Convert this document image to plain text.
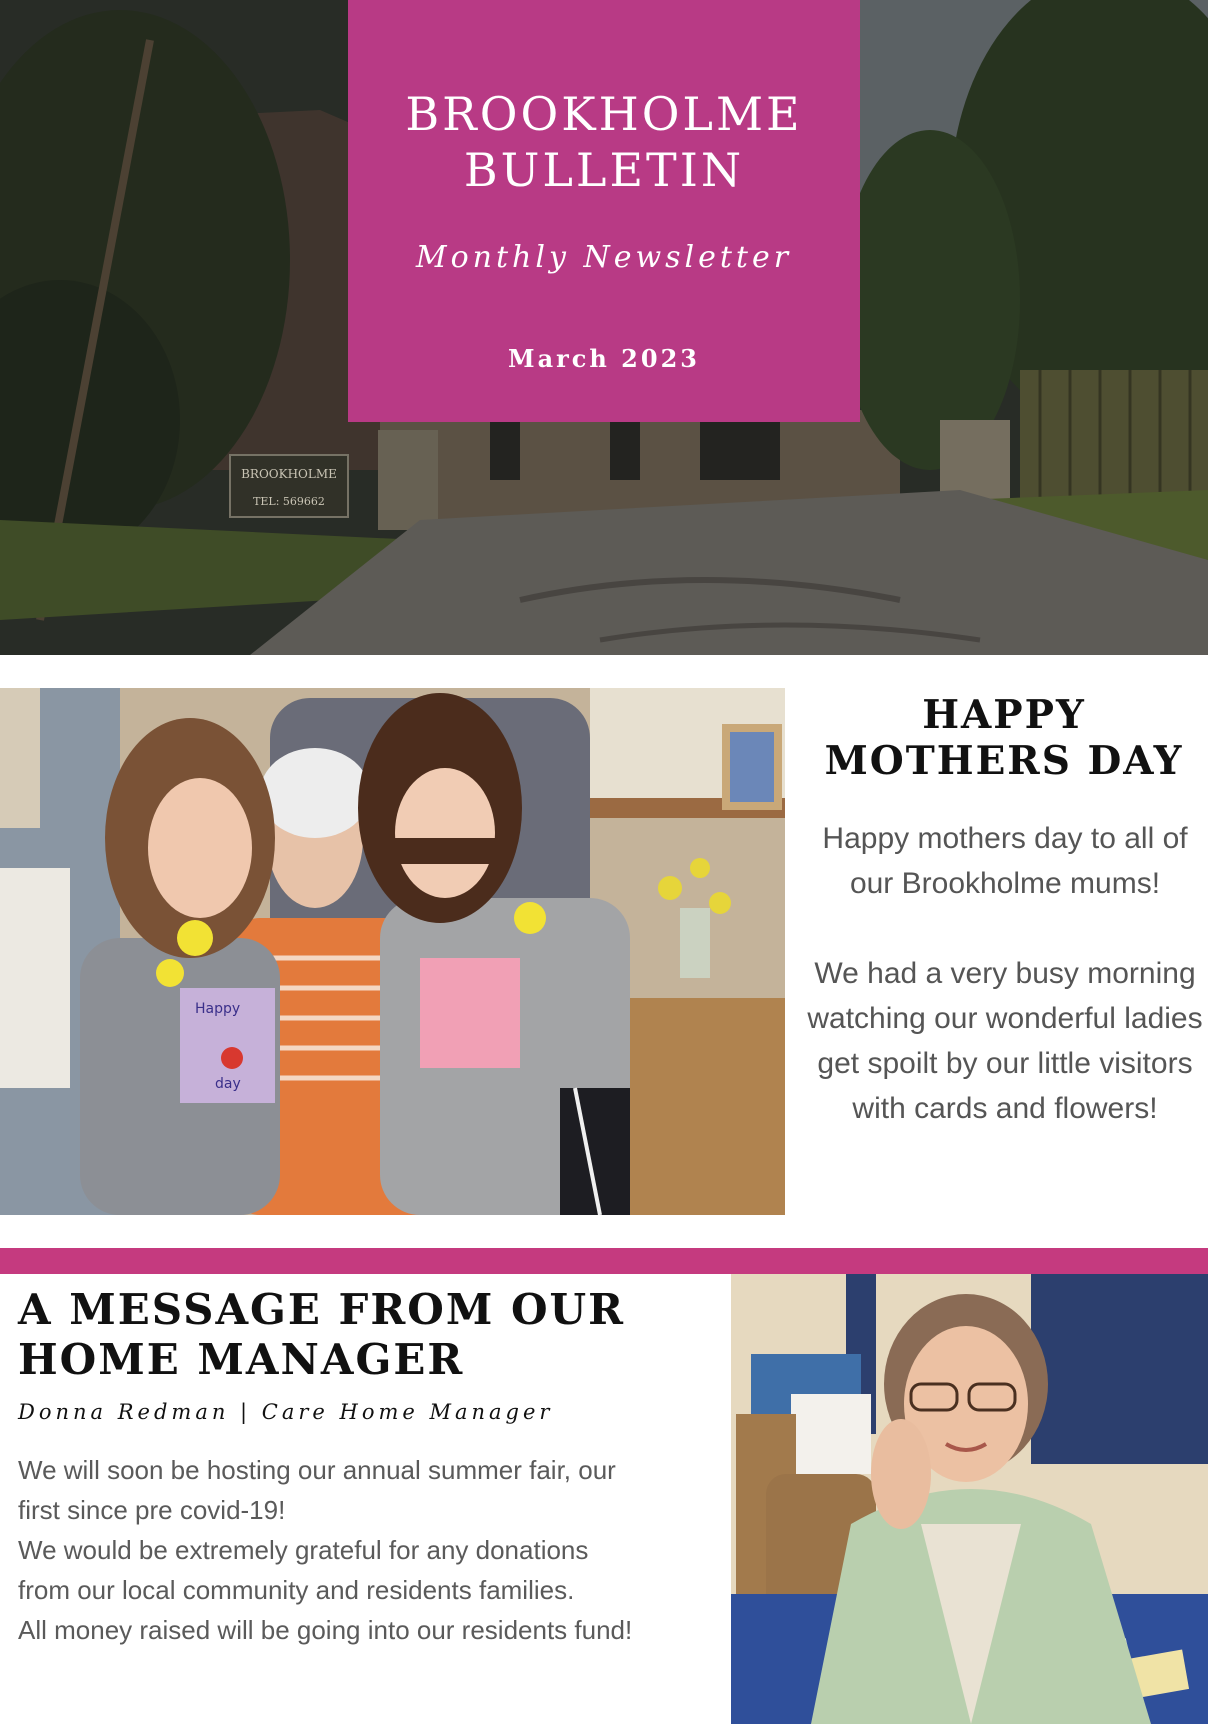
BROOKHOLME
TEL: 569662
BROOKHOLME
BULLETIN
Monthly Newsletter
March 2023
Happy
day
HAPPY
MOTHERS DAY

Happy mothers day to all of our Brookholme mums!

We had a very busy morning watching our wonderful ladies get spoilt by our little visitors with cards and flowers!

A MESSAGE FROM OUR
HOME MANAGER
Donna Redman | Care Home Manager
We will soon be hosting our annual summer fair, our
first since pre covid-19!
We would be extremely grateful for any donations
from our local community and residents families.
All money raised will be going into our residents fund!
